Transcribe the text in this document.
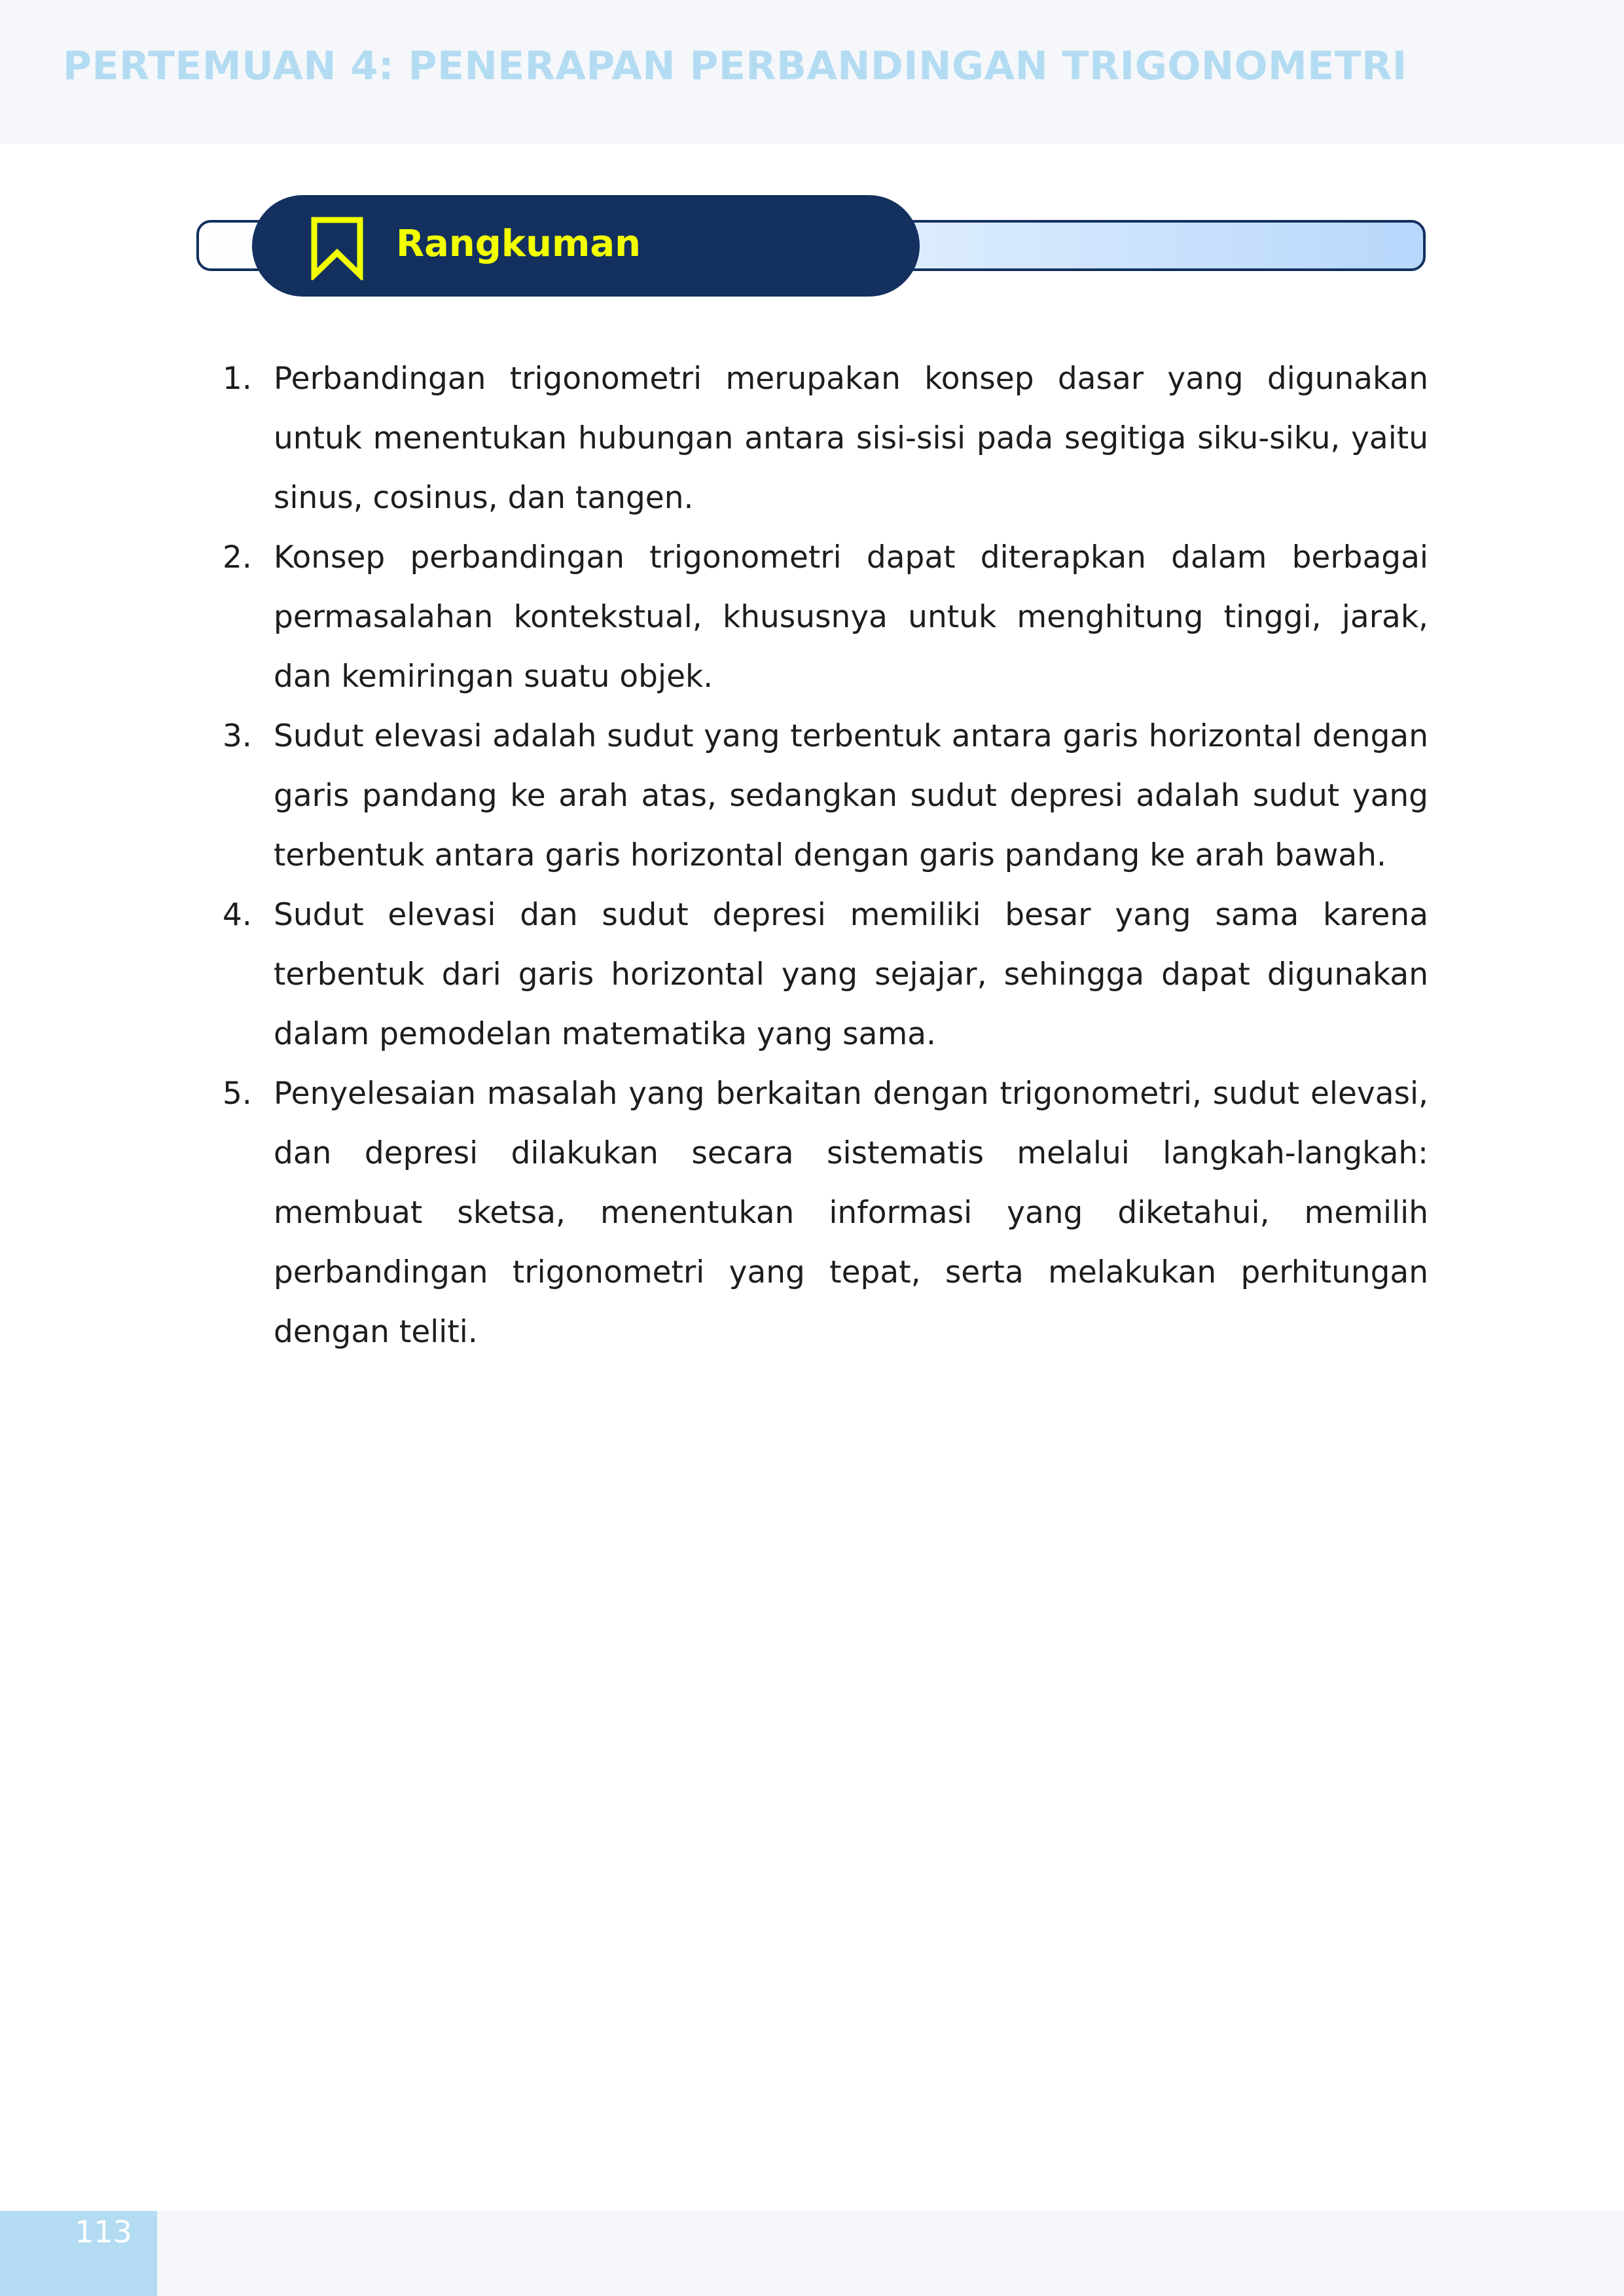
PERTEMUAN 4: PENERAPAN PERBANDINGAN TRIGONOMETRI
Rangkuman
1. Perbandingan trigonometri merupakan konsep dasar yang digunakan untuk menentukan hubungan antara sisi-sisi pada segitiga siku-siku, yaitu sinus, cosinus, dan tangen.
2. Konsep perbandingan trigonometri dapat diterapkan dalam berbagai permasalahan kontekstual, khususnya untuk menghitung tinggi, jarak, dan kemiringan suatu objek.
3. Sudut elevasi adalah sudut yang terbentuk antara garis horizontal dengan garis pandang ke arah atas, sedangkan sudut depresi adalah sudut yang terbentuk antara garis horizontal dengan garis pandang ke arah bawah.
4. Sudut elevasi dan sudut depresi memiliki besar yang sama karena terbentuk dari garis horizontal yang sejajar, sehingga dapat digunakan dalam pemodelan matematika yang sama.
5. Penyelesaian masalah yang berkaitan dengan trigonometri, sudut elevasi, dan depresi dilakukan secara sistematis melalui langkah-langkah: membuat sketsa, menentukan informasi yang diketahui, memilih perbandingan trigonometri yang tepat, serta melakukan perhitungan dengan teliti.
113
